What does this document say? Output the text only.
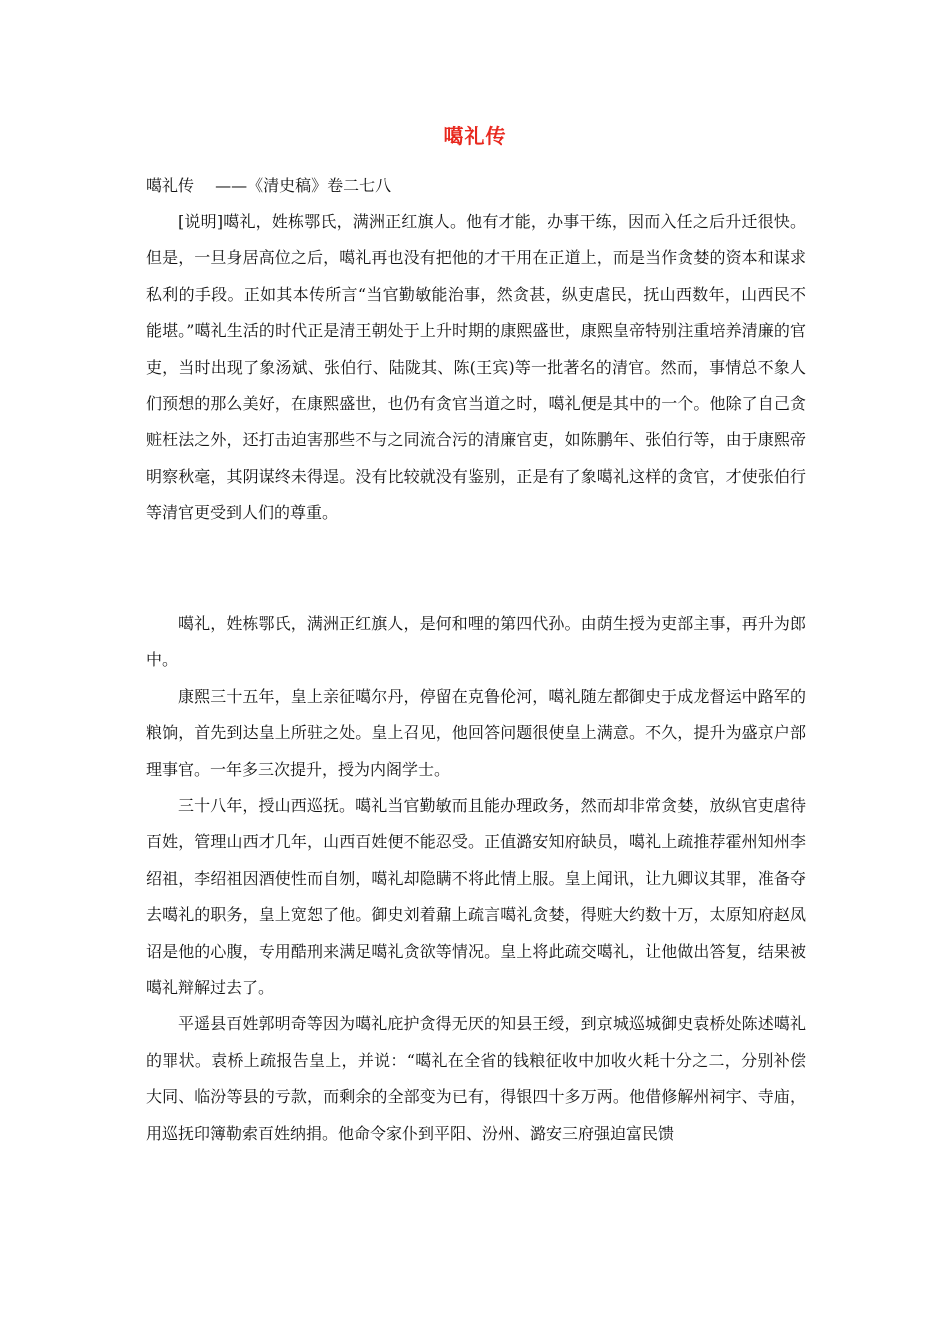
噶礼传
噶礼传　 ——《清史稿》卷二七八

[说明]噶礼，姓栋鄂氏，满洲正红旗人。他有才能，办事干练，因而入任之后升迁很快。但是，一旦身居高位之后，噶礼再也没有把他的才干用在正道上，而是当作贪婪的资本和谋求私利的手段。正如其本传所言“当官勤敏能治事，然贪甚，纵吏虐民，抚山西数年，山西民不能堪。”噶礼生活的时代正是清王朝处于上升时期的康熙盛世，康熙皇帝特别注重培养清廉的官吏，当时出现了象汤斌、张伯行、陆陇其、陈(王宾)等一批著名的清官。然而，事情总不象人们预想的那么美好，在康熙盛世，也仍有贪官当道之时，噶礼便是其中的一个。他除了自己贪赃枉法之外，还打击迫害那些不与之同流合污的清廉官吏，如陈鹏年、张伯行等，由于康熙帝明察秋毫，其阴谋终未得逞。没有比较就没有鉴别，正是有了象噶礼这样的贪官，才使张伯行等清官更受到人们的尊重。

噶礼，姓栋鄂氏，满洲正红旗人，是何和哩的第四代孙。由荫生授为吏部主事，再升为郎中。

康熙三十五年，皇上亲征噶尔丹，停留在克鲁伦河，噶礼随左都御史于成龙督运中路军的粮饷，首先到达皇上所驻之处。皇上召见，他回答问题很使皇上满意。不久，提升为盛京户部理事官。一年多三次提升，授为内阁学士。

三十八年，授山西巡抚。噶礼当官勤敏而且能办理政务，然而却非常贪婪，放纵官吏虐待百姓，管理山西才几年，山西百姓便不能忍受。正值潞安知府缺员，噶礼上疏推荐霍州知州李绍祖，李绍祖因酒使性而自刎，噶礼却隐瞒不将此情上服。皇上闻讯，让九卿议其罪，准备夺去噶礼的职务，皇上宽恕了他。御史刘着鼐上疏言噶礼贪婪，得赃大约数十万，太原知府赵凤诏是他的心腹，专用酷刑来满足噶礼贪欲等情况。皇上将此疏交噶礼，让他做出答复，结果被噶礼辩解过去了。

平遥县百姓郭明奇等因为噶礼庇护贪得无厌的知县王绶，到京城巡城御史袁桥处陈述噶礼的罪状。袁桥上疏报告皇上，并说：“噶礼在全省的钱粮征收中加收火耗十分之二，分别补偿大同、临汾等县的亏款，而剩余的全部变为已有，得银四十多万两。他借修解州祠宇、寺庙，用巡抚印簿勒索百姓纳捐。他命令家仆到平阳、汾州、潞安三府强迫富民馈
